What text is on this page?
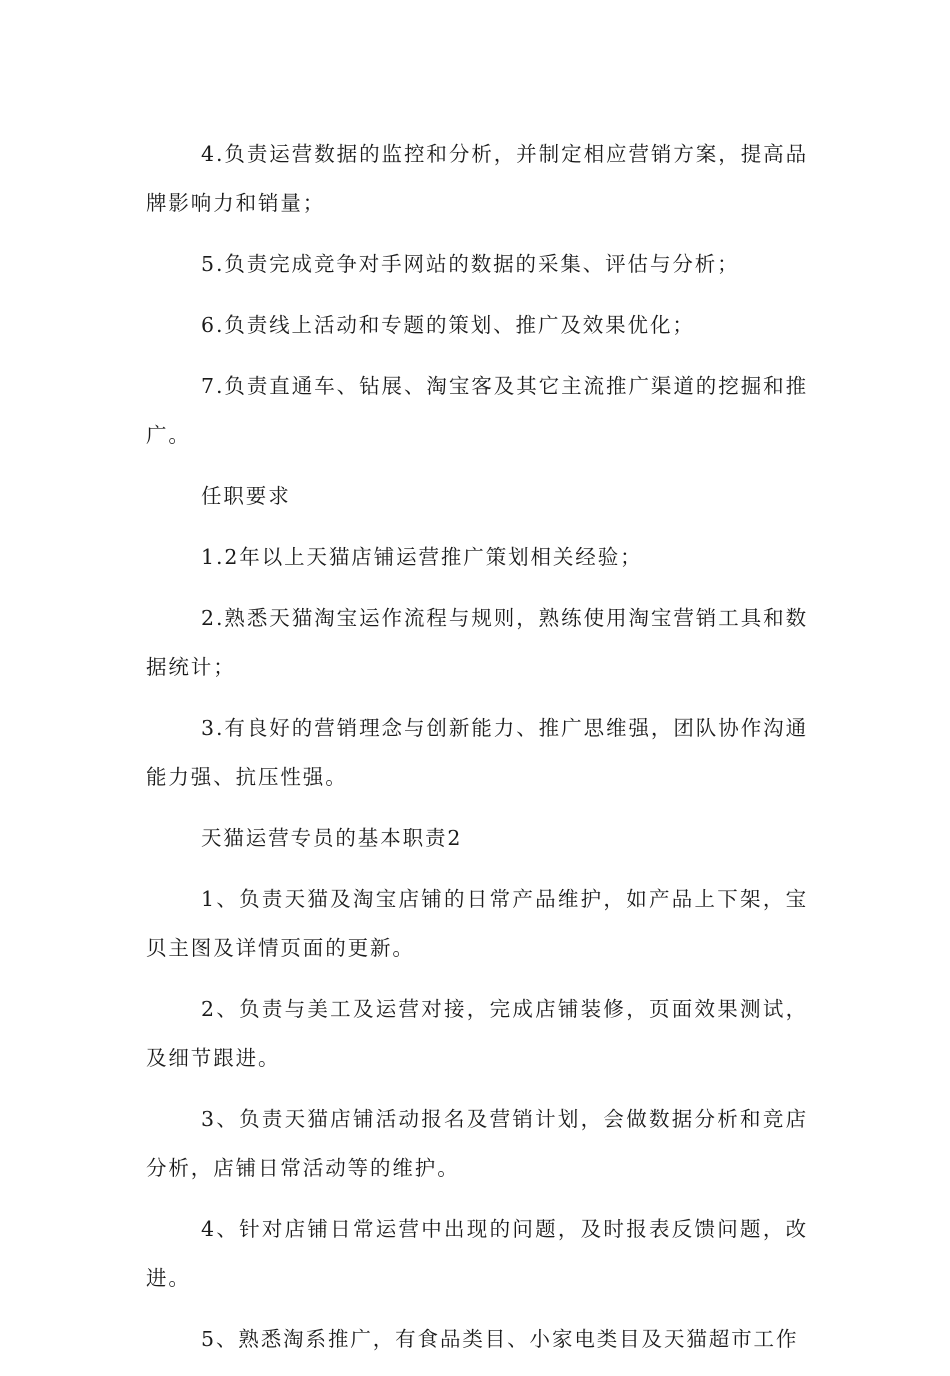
4.负责运营数据的监控和分析，并制定相应营销方案，提高品牌影响力和销量；

5.负责完成竞争对手网站的数据的采集、评估与分析；

6.负责线上活动和专题的策划、推广及效果优化；

7.负责直通车、钻展、淘宝客及其它主流推广渠道的挖掘和推广。

任职要求

1.2年以上天猫店铺运营推广策划相关经验；

2.熟悉天猫淘宝运作流程与规则，熟练使用淘宝营销工具和数据统计；

3.有良好的营销理念与创新能力、推广思维强，团队协作沟通能力强、抗压性强。

天猫运营专员的基本职责2

1、负责天猫及淘宝店铺的日常产品维护，如产品上下架，宝贝主图及详情页面的更新。

2、负责与美工及运营对接，完成店铺装修，页面效果测试，及细节跟进。

3、负责天猫店铺活动报名及营销计划，会做数据分析和竞店分析，店铺日常活动等的维护。

4、针对店铺日常运营中出现的问题，及时报表反馈问题，改进。

5、熟悉淘系推广，有食品类目、小家电类目及天猫超市工作
